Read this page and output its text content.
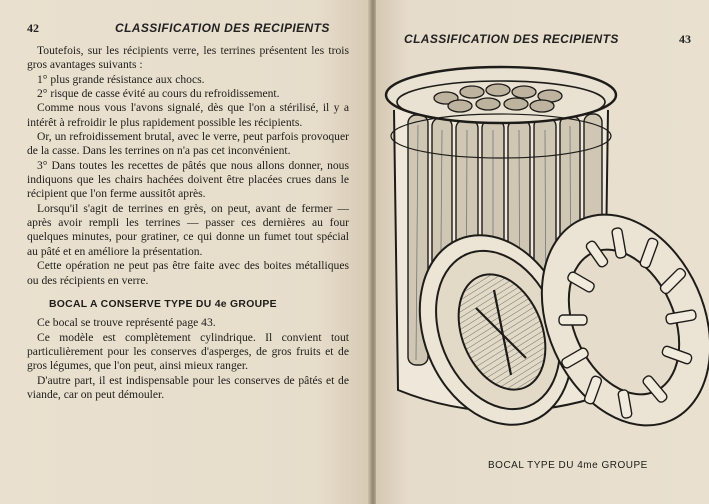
42	CLASSIFICATION DES RECIPIENTS

Toutefois, sur les récipients verre, les terrines présentent les trois gros avantages suivants :

1° plus grande résistance aux chocs.

2° risque de casse évité au cours du refroidissement.

Comme nous vous l'avons signalé, dès que l'on a stérilisé, il y a intérêt à refroidir le plus rapidement possible les récipients.

Or, un refroidissement brutal, avec le verre, peut parfois provoquer de la casse. Dans les terrines on n'a pas cet inconvénient.

3° Dans toutes les recettes de pâtés que nous allons donner, nous indiquons que les chairs hachées doivent être placées crues dans le récipient que l'on ferme aussitôt après.

Lorsqu'il s'agit de terrines en grès, on peut, avant de fermer — après avoir rempli les terrines — passer ces dernières au four quelques minutes, pour gratiner, ce qui donne un fumet tout spécial au pâté et en améliore la présentation.

Cette opération ne peut pas être faite avec des boites métalliques ou des récipients en verre.

BOCAL A CONSERVE TYPE DU 4e GROUPE

Ce bocal se trouve représenté page 43.

Ce modèle est complètement cylindrique. Il convient tout particulièrement pour les conserves d'asperges, de gros fruits et de gros légumes, que l'on peut, ainsi mieux ranger.

D'autre part, il est indispensable pour les conserves de pâtés et de viande, car on peut démouler.

CLASSIFICATION DES RECIPIENTS	43
BOCAL TYPE DU 4me GROUPE
